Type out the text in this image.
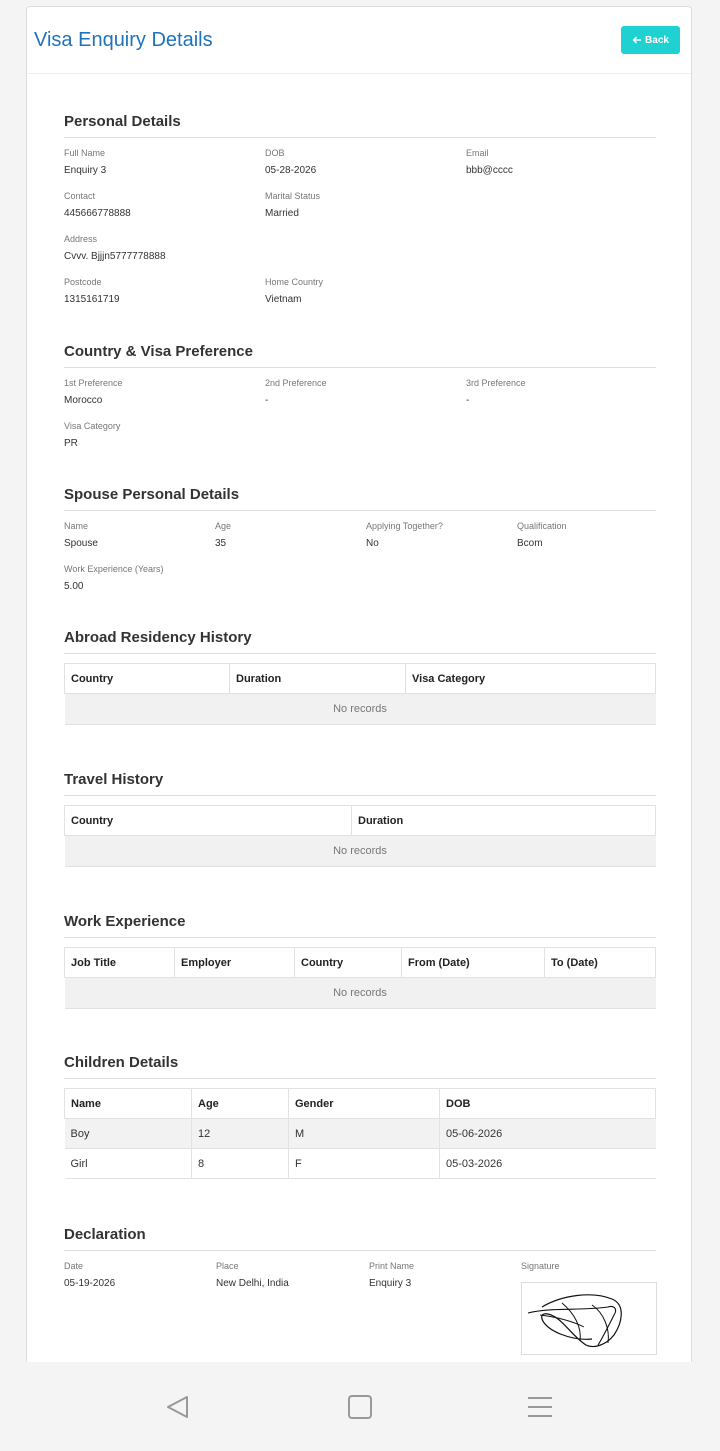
Visa Enquiry Details	Back
Personal Details
Full Name
Enquiry 3
DOB
05-28-2026
Email
bbb@cccc
Contact
445666778888
Marital Status
Married
Address
Cvvv. Bjjjn5777778888
Postcode
1315161719
Home Country
Vietnam
Country & Visa Preference
1st Preference
Morocco
2nd Preference
-
3rd Preference
-
Visa Category
PR
Spouse Personal Details
Name
Spouse
Age
35
Applying Together?
No
Qualification
Bcom
Work Experience (Years)
5.00
Abroad Residency History
Country	Duration	Visa Category
No records
Travel History
Country	Duration
No records
Work Experience
Job Title	Employer	Country	From (Date)	To (Date)
No records
Children Details
Name	Age	Gender	DOB
Boy	12	M	05-06-2026
Girl	8	F	05-03-2026
Declaration
Date
05-19-2026
Place
New Delhi, India
Print Name
Enquiry 3
Signature
